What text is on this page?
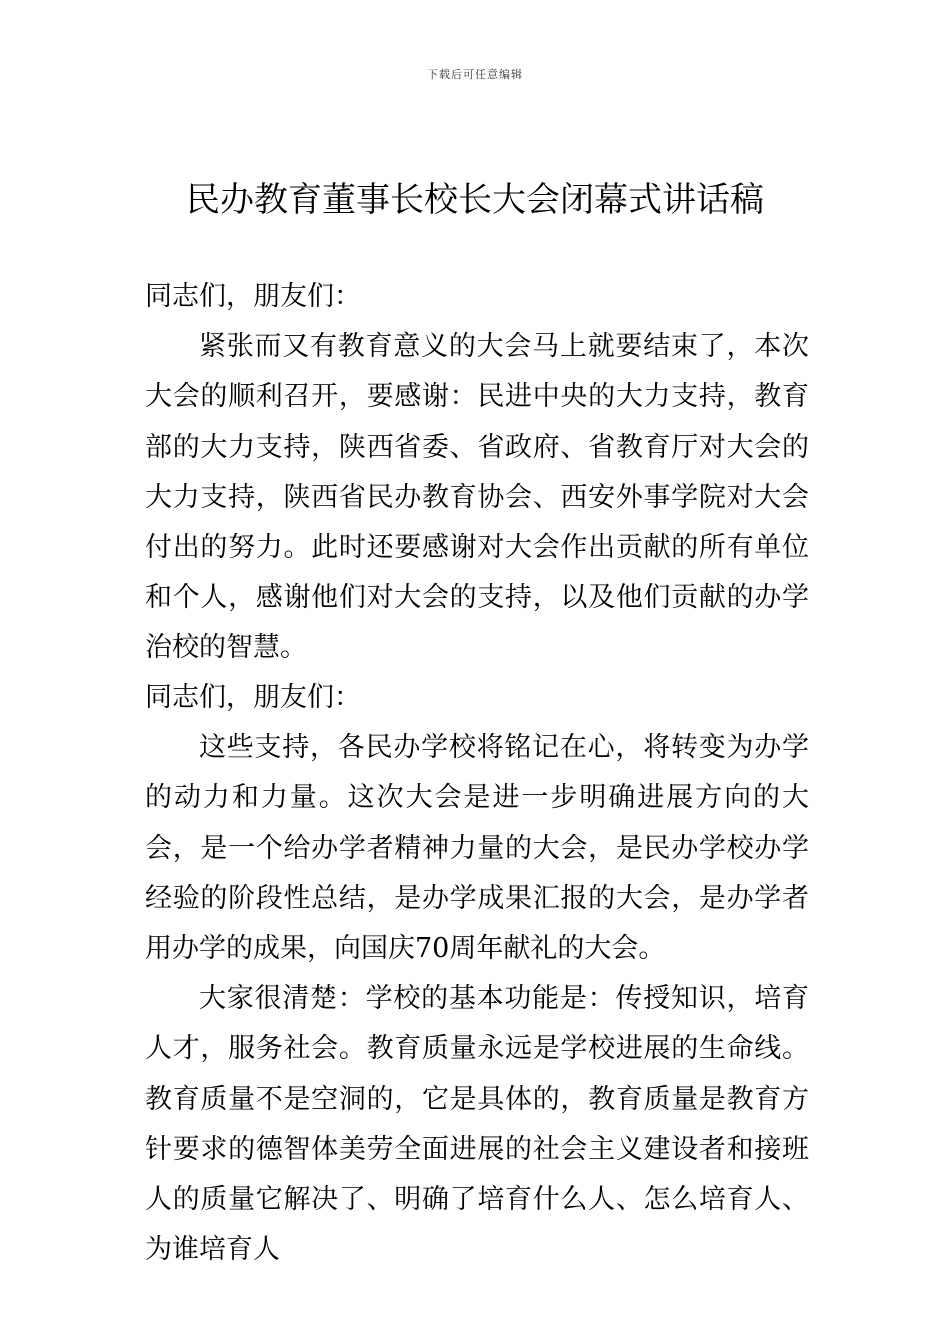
下载后可任意编辑
民办教育董事长校长大会闭幕式讲话稿

同志们，朋友们：

紧张而又有教育意义的大会马上就要结束了，本次大会的顺利召开，要感谢：民进中央的大力支持，教育部的大力支持，陕西省委、省政府、省教育厅对大会的大力支持，陕西省民办教育协会、西安外事学院对大会付出的努力。此时还要感谢对大会作出贡献的所有单位和个人，感谢他们对大会的支持，以及他们贡献的办学治校的智慧。

同志们，朋友们：

这些支持，各民办学校将铭记在心，将转变为办学的动力和力量。这次大会是进一步明确进展方向的大会，是一个给办学者精神力量的大会，是民办学校办学经验的阶段性总结，是办学成果汇报的大会，是办学者用办学的成果，向国庆70周年献礼的大会。

大家很清楚：学校的基本功能是：传授知识，培育人才，服务社会。教育质量永远是学校进展的生命线。教育质量不是空洞的，它是具体的，教育质量是教育方针要求的德智体美劳全面进展的社会主义建设者和接班人的质量它解决了、明确了培育什么人、怎么培育人、为谁培育人
